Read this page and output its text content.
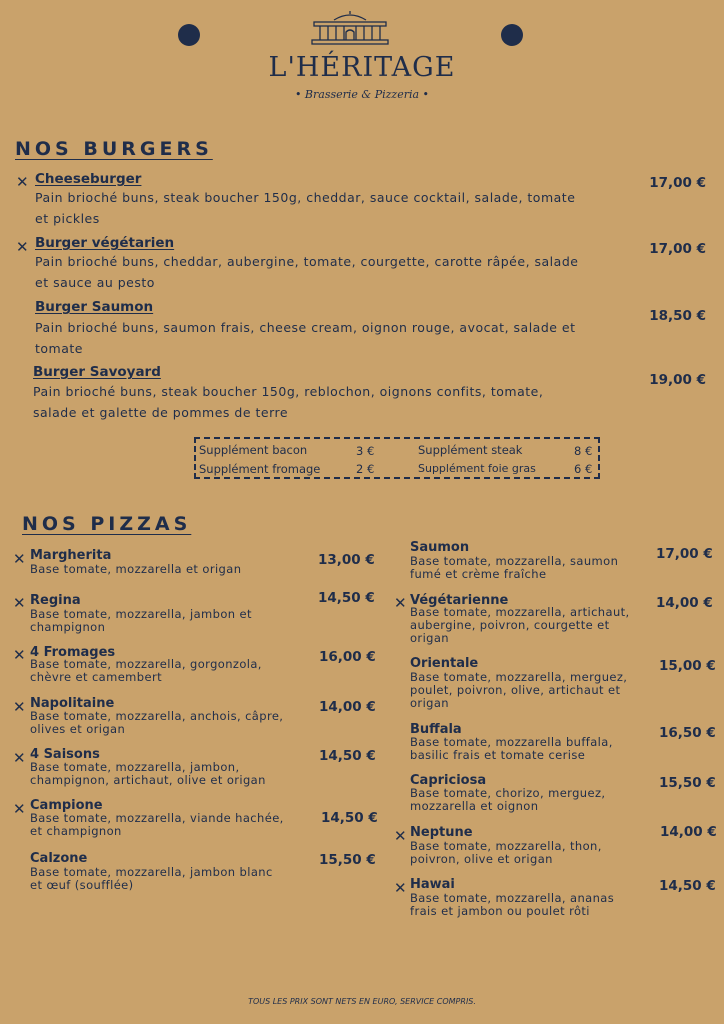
L'HÉRITAGE
• Brasserie & Pizzeria •
NOS BURGERS
✕ Cheeseburger
Pain brioché buns, steak boucher 150g, cheddar, sauce cocktail, salade, tomate
et pickles
17,00 €
✕ Burger végétarien
Pain brioché buns, cheddar, aubergine, tomate, courgette, carotte râpée, salade
et sauce au pesto
17,00 €
Burger Saumon
Pain brioché buns, saumon frais, cheese cream, oignon rouge, avocat, salade et
tomate
18,50 €
Burger Savoyard
Pain brioché buns, steak boucher 150g, reblochon, oignons confits, tomate,
salade et galette de pommes de terre
19,00 €
Supplément bacon	3 €	Supplément steak	8 €
Supplément fromage	2 €	Supplément foie gras	6 €
NOS PIZZAS
✕ Margherita
Base tomate, mozzarella et origan
13,00 €
✕ Regina
Base tomate, mozzarella, jambon et
champignon
14,50 €
✕ 4 Fromages
Base tomate, mozzarella, gorgonzola,
chèvre et camembert
16,00 €
✕ Napolitaine
Base tomate, mozzarella, anchois, câpre,
olives et origan
14,00 €
✕ 4 Saisons
Base tomate, mozzarella, jambon,
champignon, artichaut, olive et origan
14,50 €
✕ Campione
Base tomate, mozzarella, viande hachée,
et champignon
14,50 €
Calzone
Base tomate, mozzarella, jambon blanc
et œuf (soufflée)
15,50 €
Saumon
Base tomate, mozzarella, saumon
fumé et crème fraîche
17,00 €
✕ Végétarienne
Base tomate, mozzarella, artichaut,
aubergine, poivron, courgette et
origan
14,00 €
Orientale
Base tomate, mozzarella, merguez,
poulet, poivron, olive, artichaut et
origan
15,00 €
Buffala
Base tomate, mozzarella buffala,
basilic frais et tomate cerise
16,50 €
Capriciosa
Base tomate, chorizo, merguez,
mozzarella et oignon
15,50 €
✕ Neptune
Base tomate, mozzarella, thon,
poivron, olive et origan
14,00 €
✕ Hawai
Base tomate, mozzarella, ananas
frais et jambon ou poulet rôti
14,50 €
TOUS LES PRIX SONT NETS EN EURO, SERVICE COMPRIS.
